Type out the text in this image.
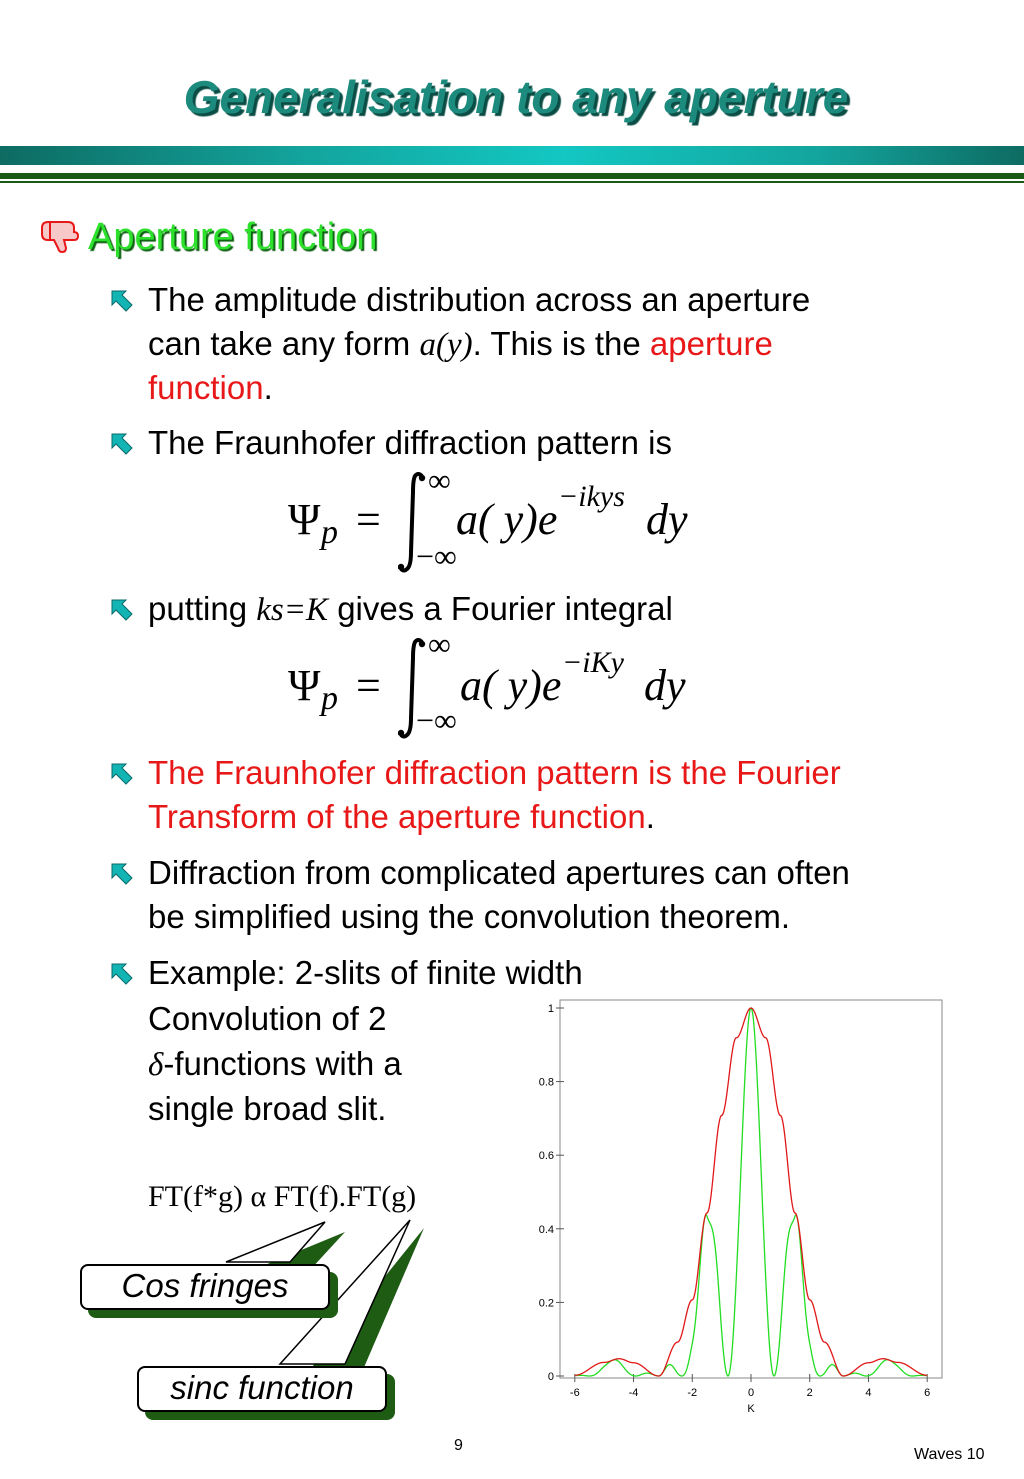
Generalisation to any aperture
Aperture function
The amplitude distribution across an aperture
can take any form a(y). This is the aperture
function.
The Fraunhofer diffraction pattern is
Ψ p =
∞
−∞
a( y)e −ikys dy
putting ks=K gives a Fourier integral
Ψ p =
∞
−∞
a( y)e −iKy dy
The Fraunhofer diffraction pattern is the Fourier
Transform of the aperture function.
Diffraction from complicated apertures can often
be simplified using the convolution theorem.
Example: 2-slits of finite width
Convolution of 2
δ-functions with a
single broad slit.
FT(f*g) α FT(f).FT(g)
Cos fringes
sinc function	0
0.2
0.4
0.6
0.8
1
-6	-4	-2	0	2	4	6
K
9
Waves 10
